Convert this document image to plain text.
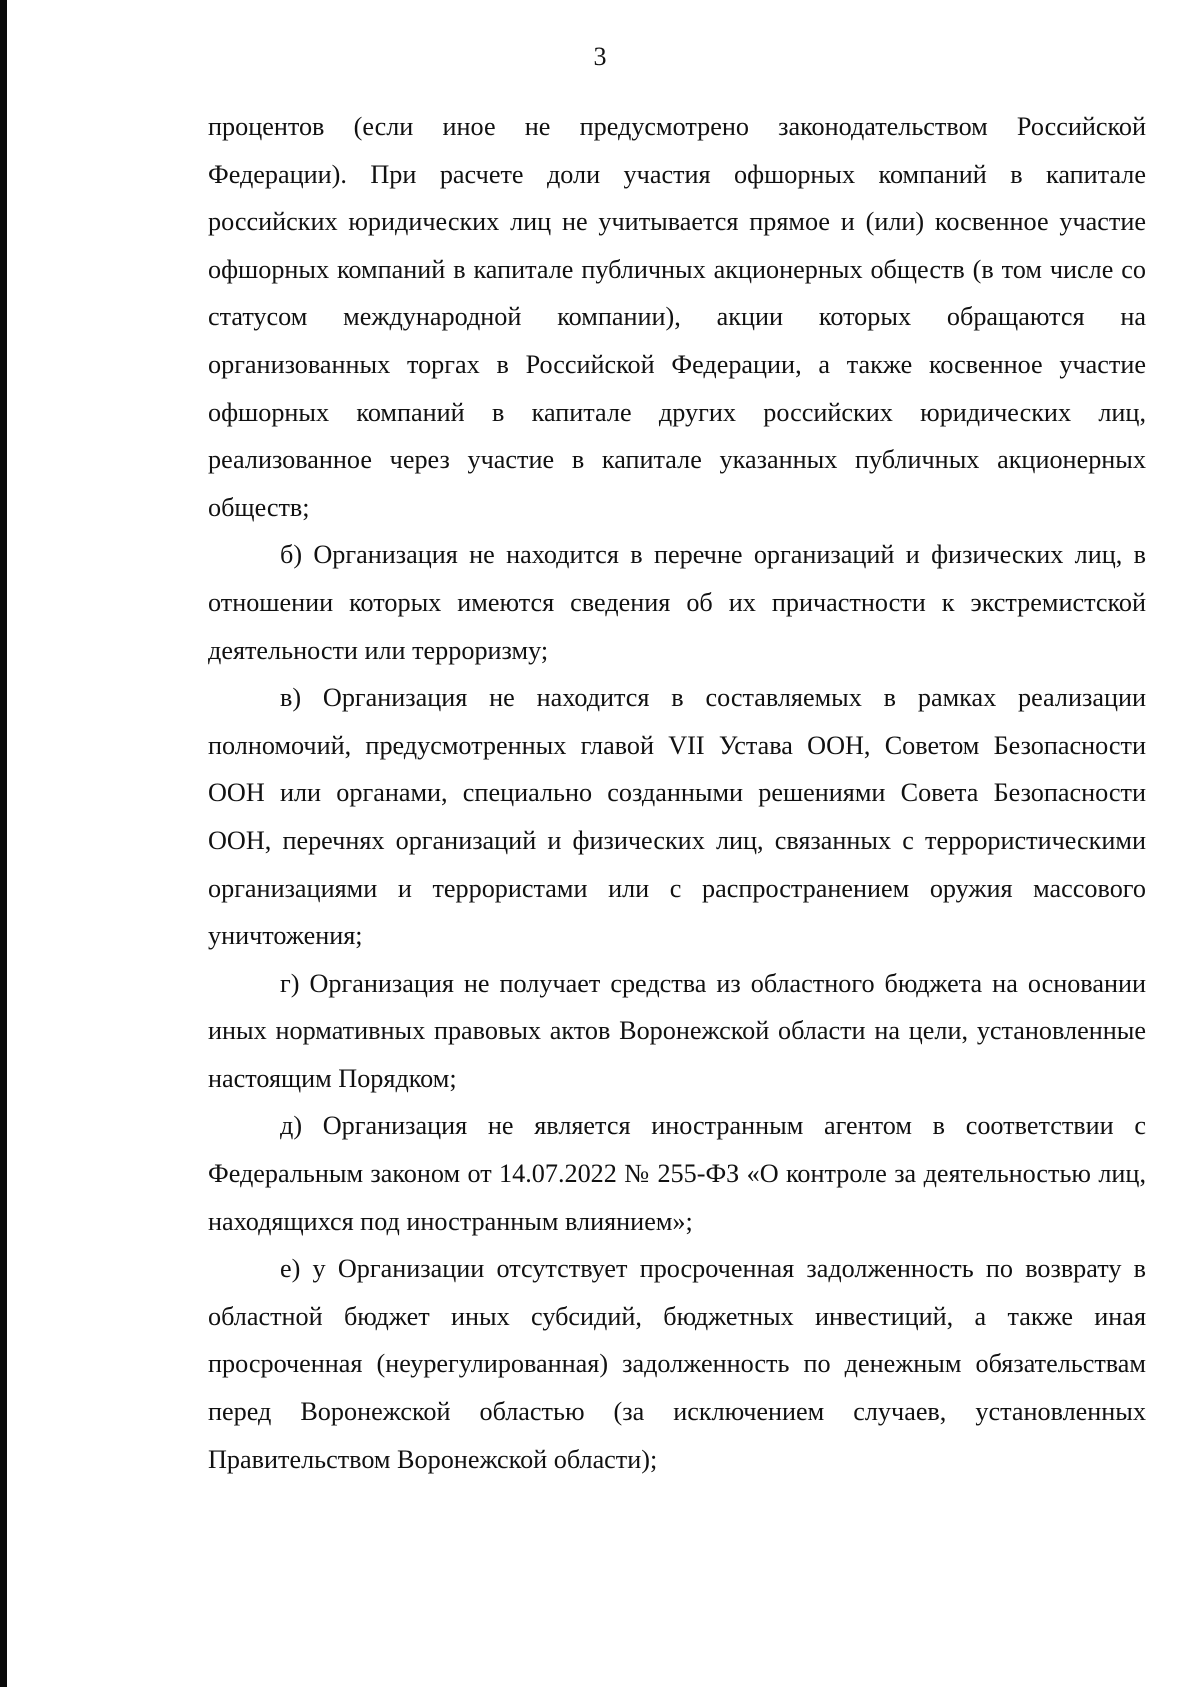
3

процентов (если иное не предусмотрено законодательством Российской Федерации). При расчете доли участия офшорных компаний в капитале российских юридических лиц не учитывается прямое и (или) косвенное участие офшорных компаний в капитале публичных акционерных обществ (в том числе со статусом международной компании), акции которых обращаются на организованных торгах в Российской Федерации, а также косвенное участие офшорных компаний в капитале других российских юридических лиц, реализованное через участие в капитале указанных публичных акционерных обществ;

б) Организация не находится в перечне организаций и физических лиц, в отношении которых имеются сведения об их причастности к экстремистской деятельности или терроризму;

в) Организация не находится в составляемых в рамках реализации полномочий, предусмотренных главой VII Устава ООН, Советом Безопасности ООН или органами, специально созданными решениями Совета Безопасности ООН, перечнях организаций и физических лиц, связанных с террористическими организациями и террористами или с распространением оружия массового уничтожения;

г) Организация не получает средства из областного бюджета на основании иных нормативных правовых актов Воронежской области на цели, установленные настоящим Порядком;

д) Организация не является иностранным агентом в соответствии с Федеральным законом от 14.07.2022 № 255-ФЗ «О контроле за деятельностью лиц, находящихся под иностранным влиянием»;

е) у Организации отсутствует просроченная задолженность по возврату в областной бюджет иных субсидий, бюджетных инвестиций, а также иная просроченная (неурегулированная) задолженность по денежным обязательствам перед Воронежской областью (за исключением случаев, установленных Правительством Воронежской области);
